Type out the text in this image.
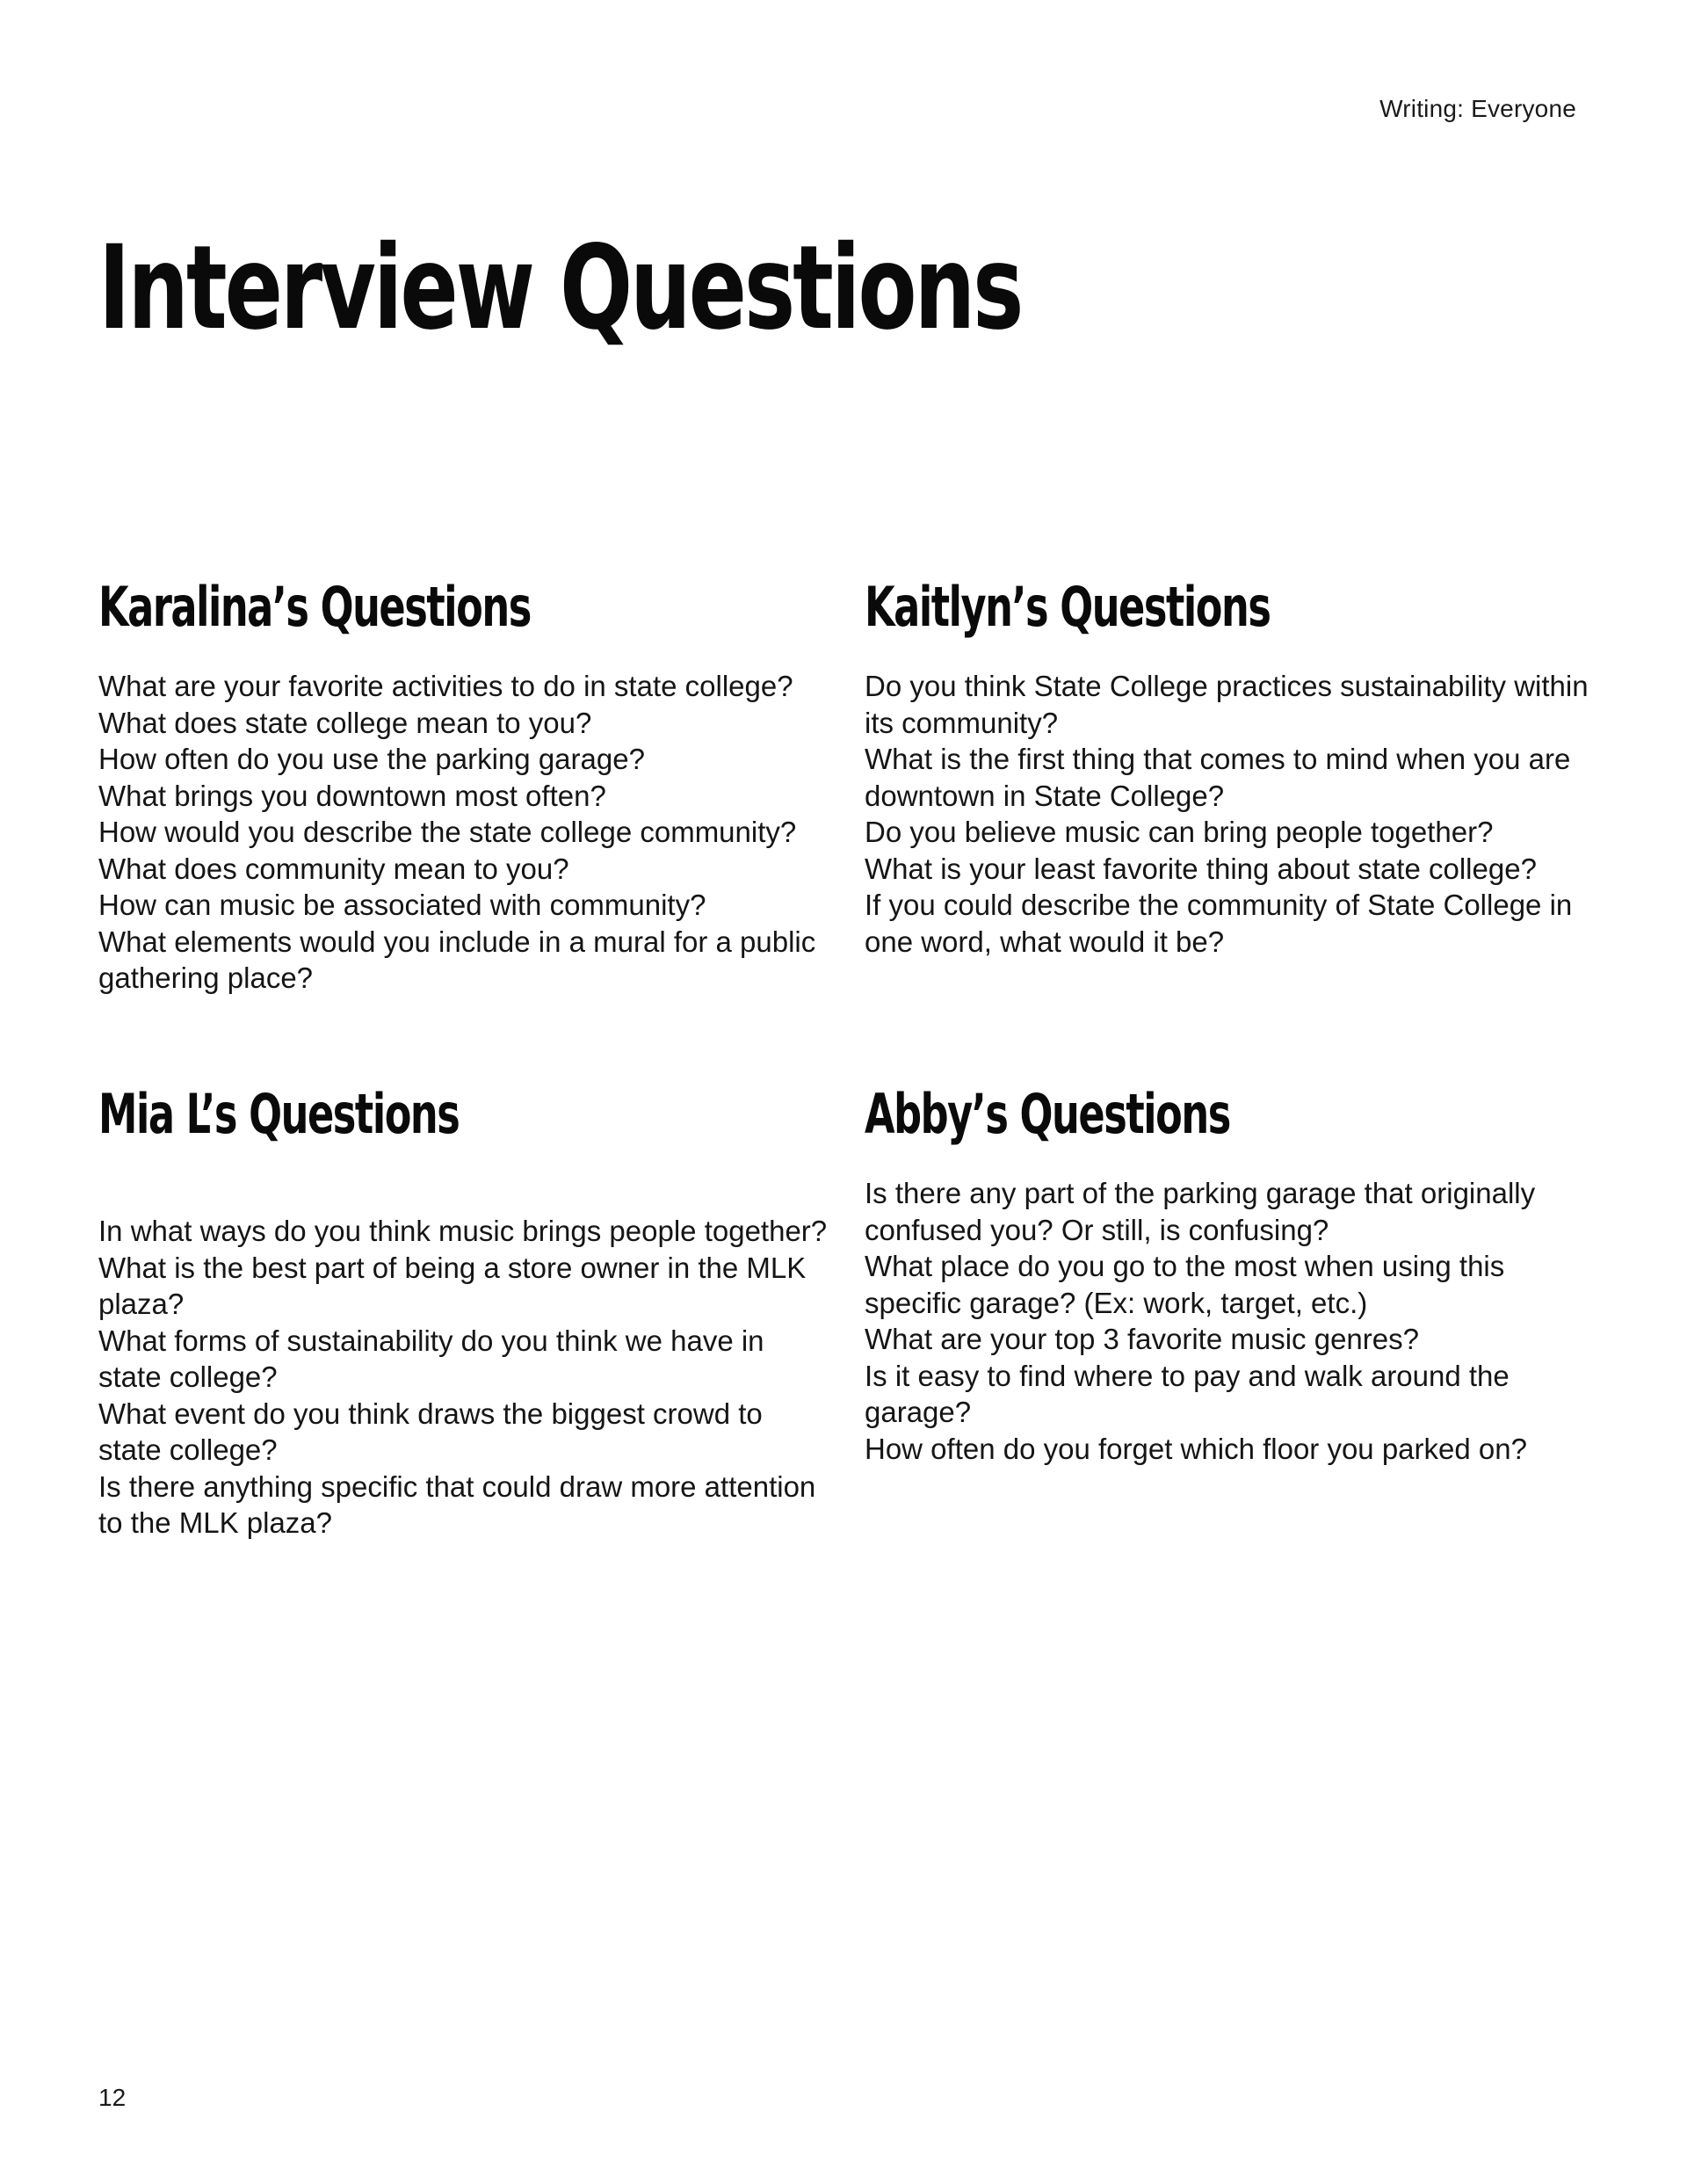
Writing: Everyone
Interview Questions
Karalina’s Questions
What are your favorite activities to do in state college?
What does state college mean to you?
How often do you use the parking garage?
What brings you downtown most often?
How would you describe the state college community?
What does community mean to you?
How can music be associated with community?
What elements would you include in a mural for a public gathering place?
Kaitlyn’s Questions
Do you think State College practices sustainability within its community?
What is the first thing that comes to mind when you are downtown in State College?
Do you believe music can bring people together?
What is your least favorite thing about state college?
If you could describe the community of State College in one word, what would it be?
Mia L’s Questions
In what ways do you think music brings people together?
What is the best part of being a store owner in the MLK plaza?
What forms of sustainability do you think we have in state college?
What event do you think draws the biggest crowd to state college?
Is there anything specific that could draw more attention to the MLK plaza?
Abby’s Questions
Is there any part of the parking garage that originally confused you? Or still, is confusing?
What place do you go to the most when using this specific garage? (Ex: work, target, etc.)
What are your top 3 favorite music genres?
Is it easy to find where to pay and walk around the garage?
How often do you forget which floor you parked on?
12
